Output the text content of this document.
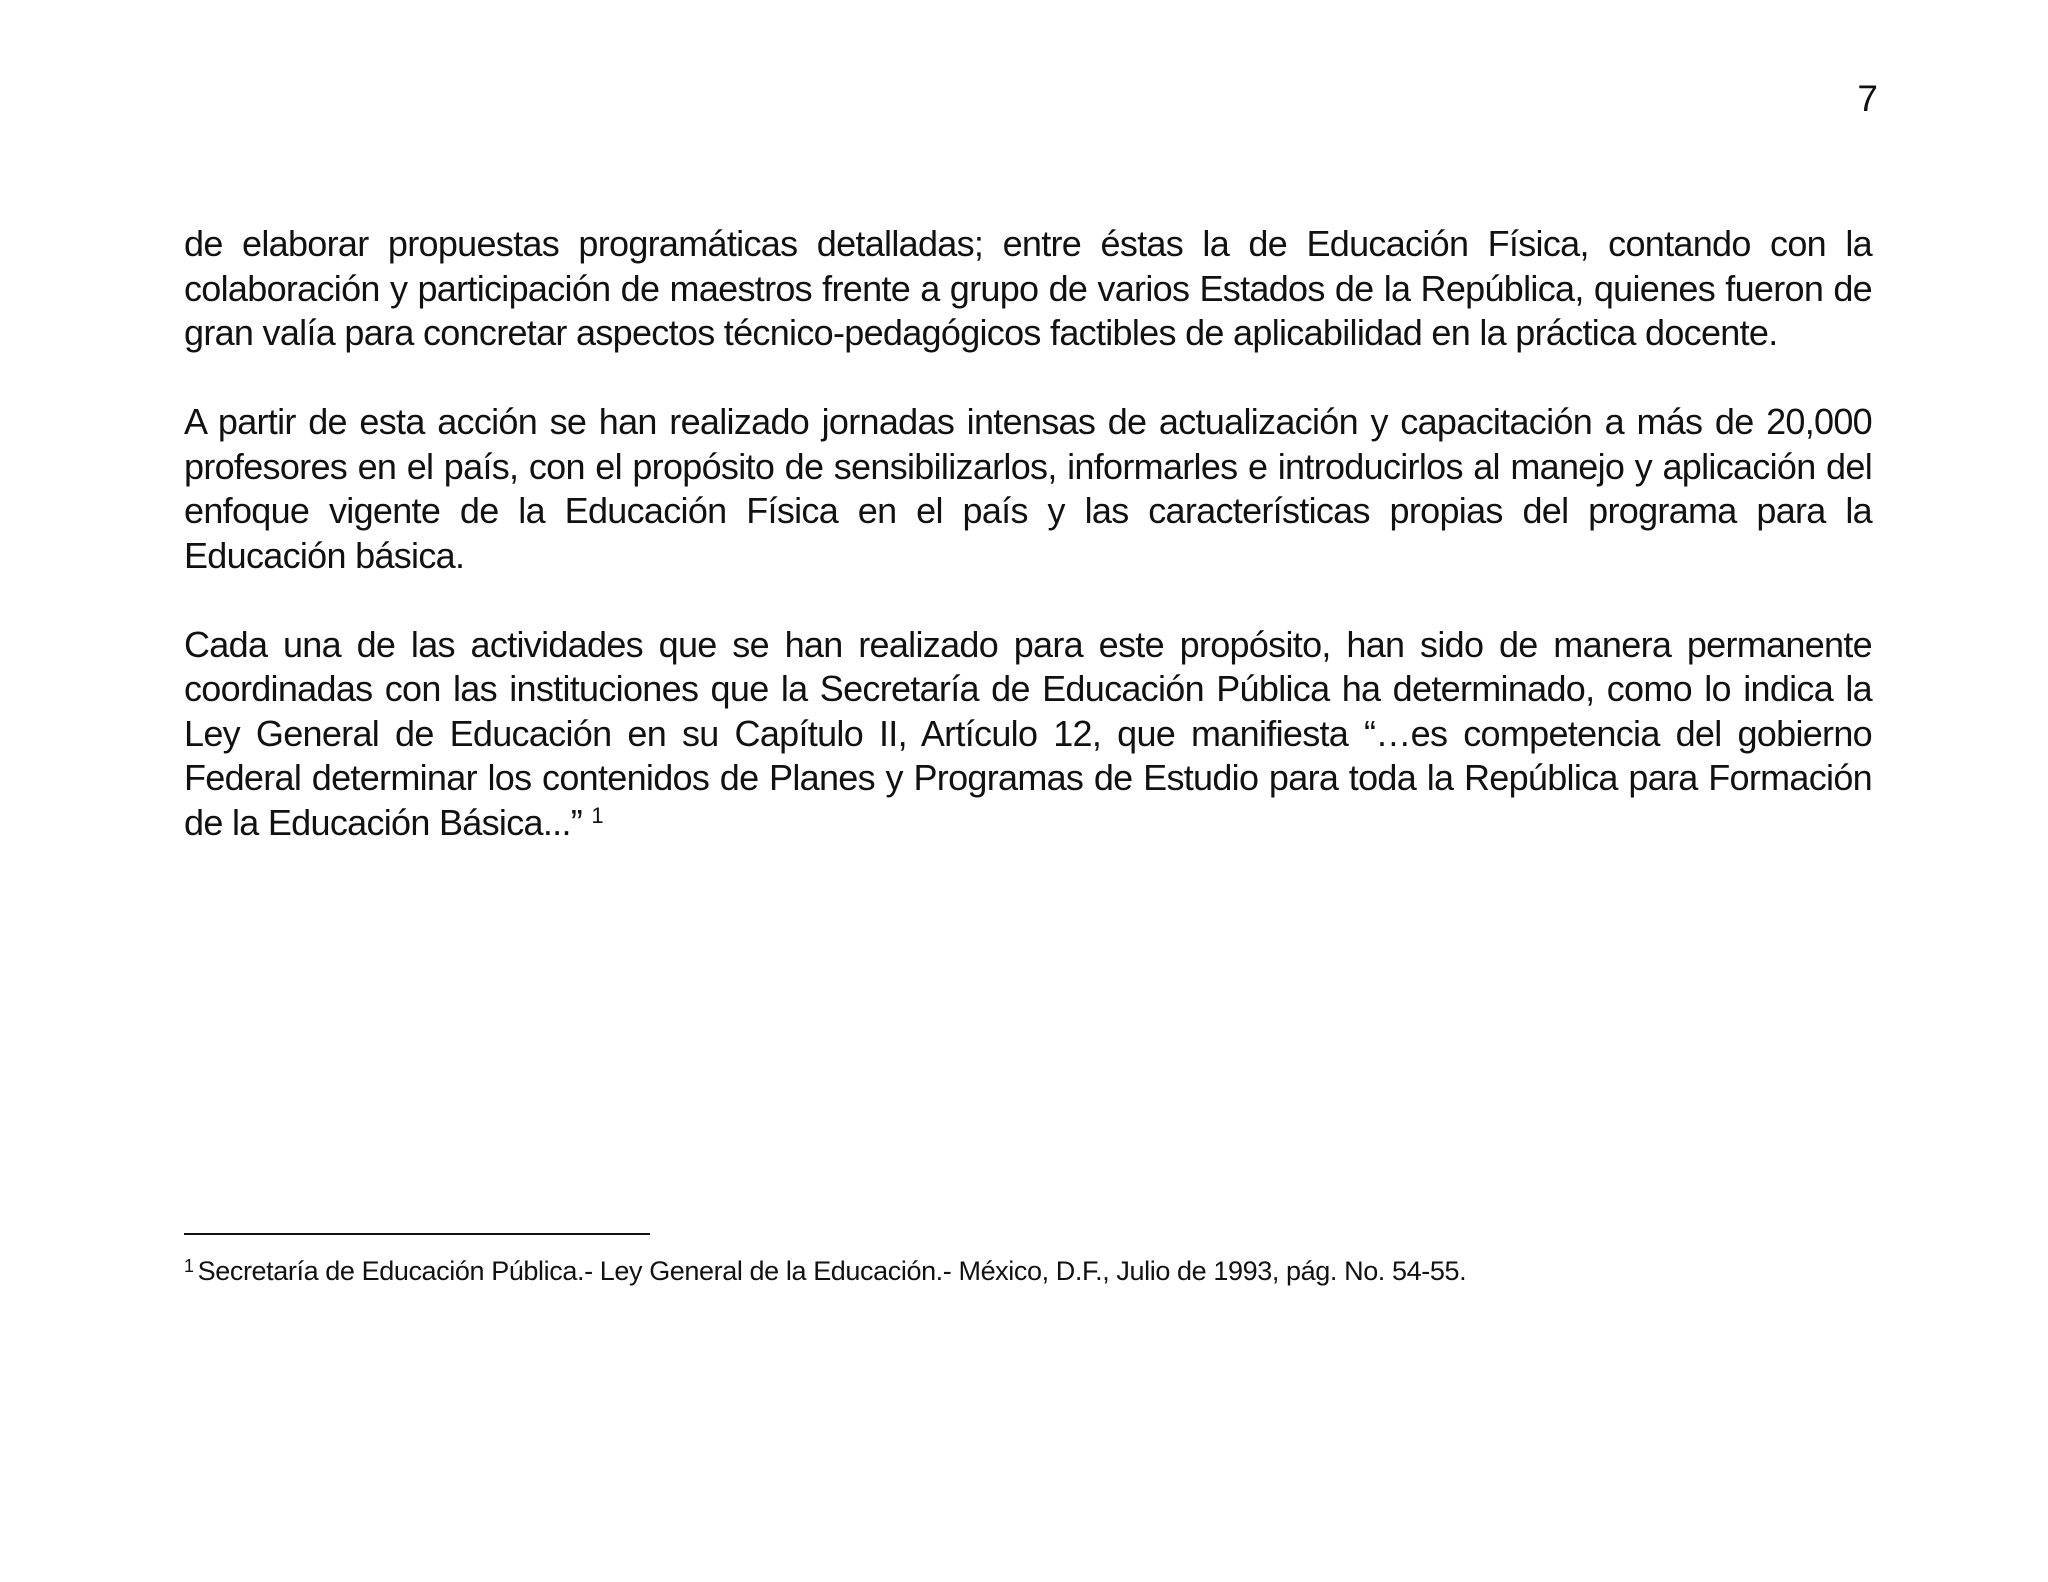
7

de elaborar propuestas programáticas detalladas; entre éstas la de Educación Física, contando con la colaboración y participación de maestros frente a grupo de varios Estados de la República, quienes fueron de gran valía para concretar aspectos técnico-pedagógicos factibles de aplicabilidad en la práctica docente.

A partir de esta acción se han realizado jornadas intensas de actualización y capacitación a más de 20,000 profesores en el país, con el propósito de sensibilizarlos, informarles e introducirlos al manejo y aplicación del enfoque vigente de la Educación Física en el país y las características propias del programa para la Educación básica.

Cada una de las actividades que se han realizado para este propósito, han sido de manera permanente coordinadas con las instituciones que la Secretaría de Educación Pública ha determinado, como lo indica la Ley General de Educación en su Capítulo II, Artículo 12, que manifiesta “…es competencia del gobierno Federal determinar los contenidos de Planes y Programas de Estudio para toda la República para Formación de la Educación Básica...” $^1$

$^1$ Secretaría de Educación Pública.- Ley General de la Educación.- México, D.F., Julio de 1993, pág. No. 54-55.
